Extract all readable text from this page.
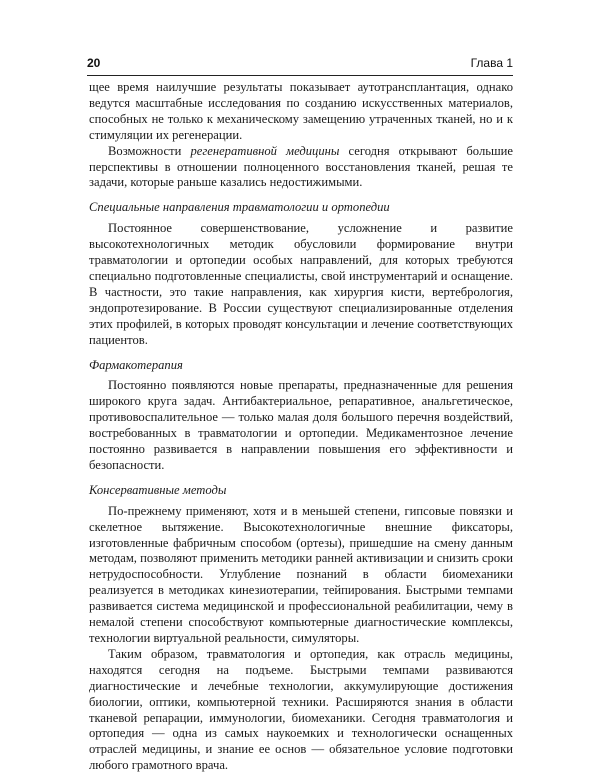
20	Глава 1

щее время наилучшие результаты показывает аутотрансплантация, однако ведутся масштабные исследования по созданию искусственных материалов, способных не только к механическому замещению утраченных тканей, но и к стимуляции их регенерации.

Возможности регенеративной медицины сегодня открывают большие перспективы в отношении полноценного восстановления тканей, решая те задачи, которые раньше казались недостижимыми.

Специальные направления травматологии и ортопедии

Постоянное совершенствование, усложнение и развитие высокотехнологичных методик обусловили формирование внутри травматологии и ортопедии особых направлений, для которых требуются специально подготовленные специалисты, свой инструментарий и оснащение. В частности, это такие направления, как хирургия кисти, вертебрология, эндопротезирование. В России существуют специализированные отделения этих профилей, в которых проводят консультации и лечение соответствующих пациентов.

Фармакотерапия

Постоянно появляются новые препараты, предназначенные для решения широкого круга задач. Антибактериальное, репаративное, анальгетическое, противовоспалительное — только малая доля большого перечня воздействий, востребованных в травматологии и ортопедии. Медикаментозное лечение постоянно развивается в направлении повышения его эффективности и безопасности.

Консервативные методы

По-прежнему применяют, хотя и в меньшей степени, гипсовые повязки и скелетное вытяжение. Высокотехнологичные внешние фиксаторы, изготовленные фабричным способом (ортезы), пришедшие на смену данным методам, позволяют применить методики ранней активизации и снизить сроки нетрудоспособности. Углубление познаний в области биомеханики реализуется в методиках кинезиотерапии, тейпирования. Быстрыми темпами развивается система медицинской и профессиональной реабилитации, чему в немалой степени способствуют компьютерные диагностические комплексы, технологии виртуальной реальности, симуляторы.

Таким образом, травматология и ортопедия, как отрасль медицины, находятся сегодня на подъеме. Быстрыми темпами развиваются диагностические и лечебные технологии, аккумулирующие достижения биологии, оптики, компьютерной техники. Расширяются знания в области тканевой репарации, иммунологии, биомеханики. Сегодня травматология и ортопедия — одна из самых наукоемких и технологически оснащенных отраслей медицины, и знание ее основ — обязательное условие подготовки любого грамотного врача.
